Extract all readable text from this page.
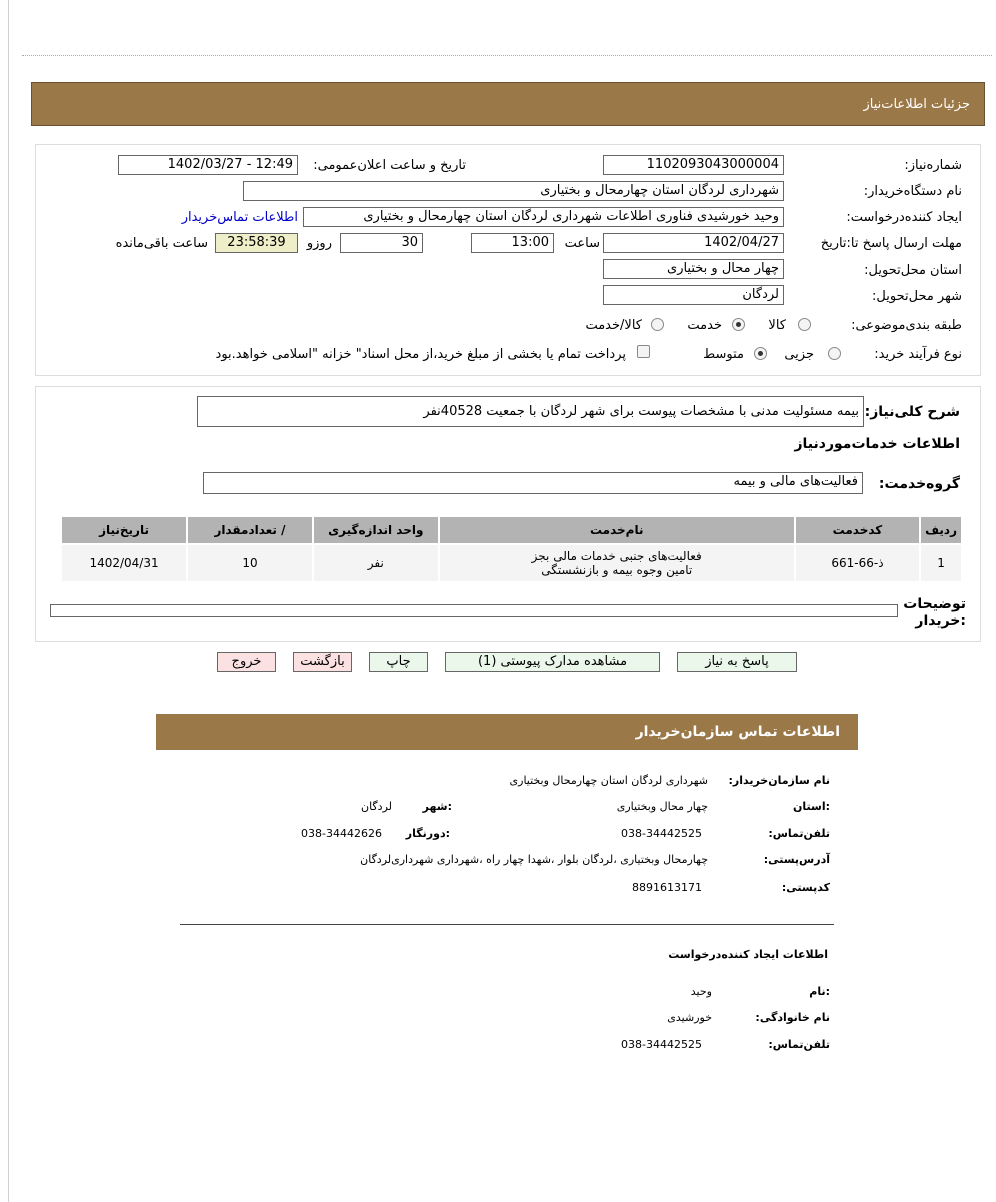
جزئیات اطلاعات‌نیاز
شماره‌نیاز:
1102093043000004
تاریخ و ساعت اعلان‌عمومی:
1402/03/27 - 12:49
نام دستگاه‌خریدار:
شهرداری لردگان استان چهارمحال و بختیاری
ایجاد کننده‌درخواست:
وحید خورشیدی فناوری اطلاعات شهرداری لردگان استان چهارمحال و بختیاری
اطلاعات تماس‌خریدار
مهلت ارسال پاسخ تا‌:تاریخ
1402/04/27
ساعت
13:00
30
روزو
23:58:39
ساعت باقی‌مانده
استان محل‌تحویل:
چهار محال و بختیاری
شهر محل‌تحویل:
لردگان
طبقه بندی‌موضوعی:
کالا
خدمت
کالا/خدمت
نوع فرآیند خرید:
جزیی
متوسط
پرداخت تمام یا بخشی از مبلغ خرید،از محل اسناد" خزانه "اسلامی خواهد‌.بود
شرح کلی‌نیاز:
بیمه مسئولیت مدنی با مشخصات پیوست برای شهر لردگان با جمعیت 40528نفر
اطلاعات خدمات‌موردنیاز
گروه‌خدمت:
فعالیت‌های مالی و بیمه
ردیف	کدخدمت	نام‌خدمت	واحد اندازه‌گیری	/ تعدادمقدار	تاریخ‌نیاز
1	ذ-66-661	فعالیت‌های جنبی خدمات مالی بجز
تامین وجوه بیمه و بازنشستگی	نفر	10	1402/04/31
توضیحات
:خریدار
پاسخ به نیاز
مشاهده مدارک پیوستی (1)
چاپ
بازگشت
خروج
اطلاعات تماس سازمان‌خریدار
نام سازمان‌خریدار:
شهرداری لردگان استان چهارمحال وبختیاری
:استان
چهار محال وبختیاری
:شهر
لردگان
تلفن‌تماس:
038-34442525
:دورنگار
038-34442626
آدرس‌پستی:
چهارمحال و‌بختیاری ،لردگان بلوار ،شهدا چهار راه ،شهرداری شهرداری‌لردگان
کد‌پستی:
8891613171
اطلاعات ایجاد کننده‌درخواست
:نام
وحید
نام خانوادگی:
خورشیدی
تلفن‌تماس:
038-34442525
